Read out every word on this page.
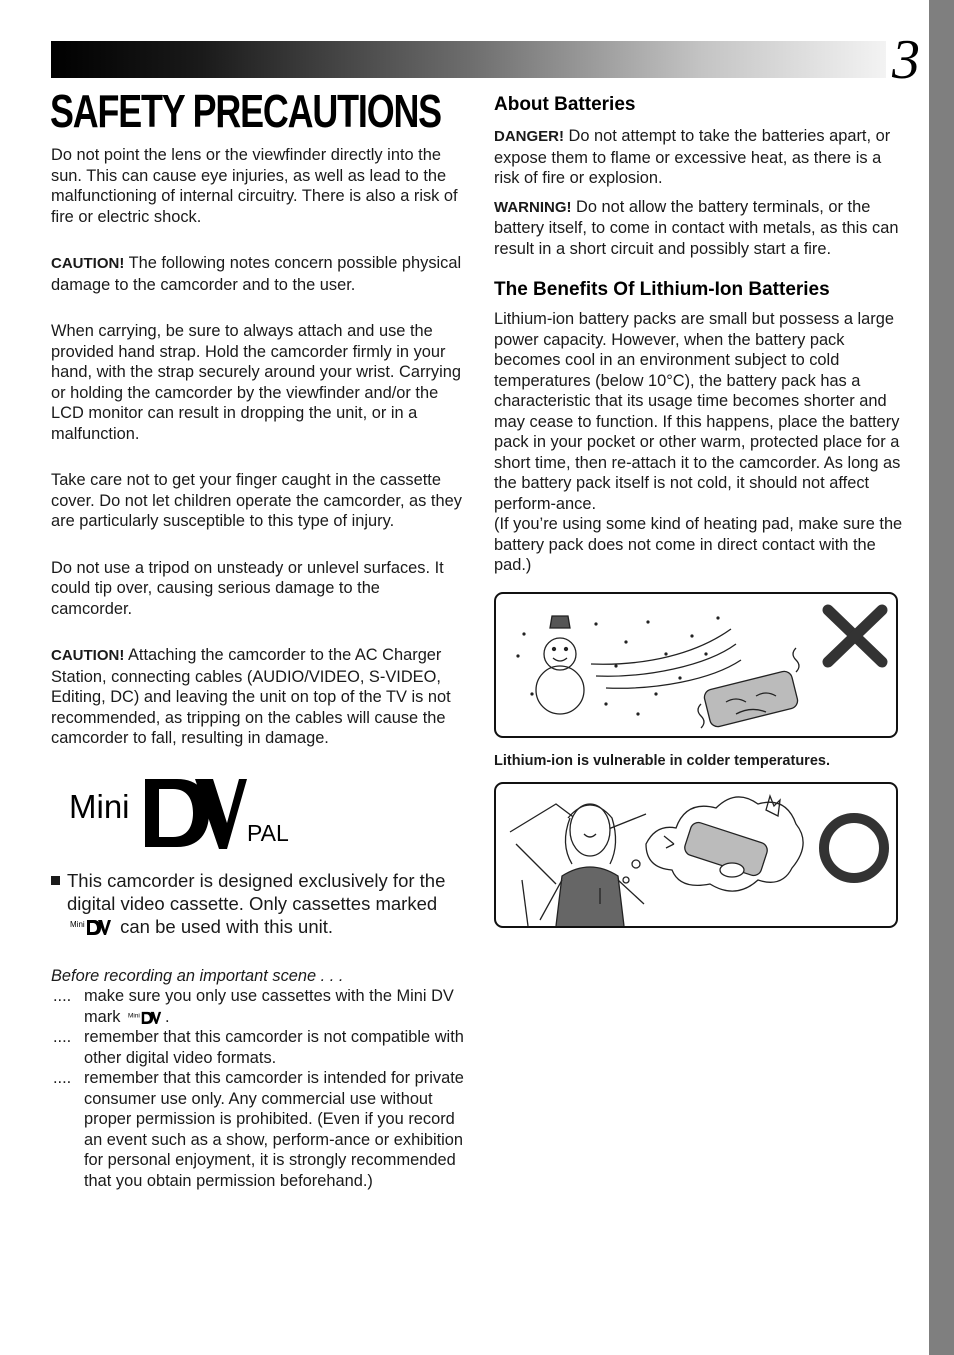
3
SAFETY PRECAUTIONS

Do not point the lens or the viewfinder directly into the sun. This can cause eye injuries, as well as lead to the malfunctioning of internal circuitry. There is also a risk of fire or electric shock.

CAUTION! The following notes concern possible physical damage to the camcorder and to the user.

When carrying, be sure to always attach and use the provided hand strap. Hold the camcorder firmly in your hand, with the strap securely around your wrist. Carrying or holding the camcorder by the viewfinder and/or the LCD monitor can result in dropping the unit, or in a malfunction.

Take care not to get your finger caught in the cassette cover. Do not let children operate the camcorder, as they are particularly susceptible to this type of injury.

Do not use a tripod on unsteady or unlevel surfaces. It could tip over, causing serious damage to the camcorder.

CAUTION! Attaching the camcorder to the AC Charger Station, connecting cables (AUDIO/VIDEO, S-VIDEO, Editing, DC) and leaving the unit on top of the TV is not recommended, as tripping on the cables will cause the camcorder to fall, resulting in damage.

Mini
PAL

This camcorder is designed exclusively for the digital video cassette. Only cassettes marked
Mini can be used with this unit.

Before recording an important scene . . .

.... make sure you only use cassettes with the Mini DV mark Mini .

.... remember that this camcorder is not compatible with other digital video formats.

.... remember that this camcorder is intended for private consumer use only. Any commercial use without proper permission is prohibited. (Even if you record an event such as a show, perform-ance or exhibition for personal enjoyment, it is strongly recommended that you obtain permission beforehand.)

About Batteries

DANGER! Do not attempt to take the batteries apart, or expose them to flame or excessive heat, as there is a risk of fire or explosion.

WARNING! Do not allow the battery terminals, or the battery itself, to come in contact with metals, as this can result in a short circuit and possibly start a fire.

The Benefits Of Lithium-Ion Batteries

Lithium-ion battery packs are small but possess a large power capacity. However, when the battery pack becomes cool in an environment subject to cold temperatures (below 10°C), the battery pack has a characteristic that its usage time becomes shorter and may cease to function. If this happens, place the battery pack in your pocket or other warm, protected place for a short time, then re-attach it to the camcorder. As long as the battery pack itself is not cold, it should not affect perform-ance.

(If you’re using some kind of heating pad, make sure the battery pack does not come in direct contact with the pad.)

Lithium-ion is vulnerable in colder temperatures.
